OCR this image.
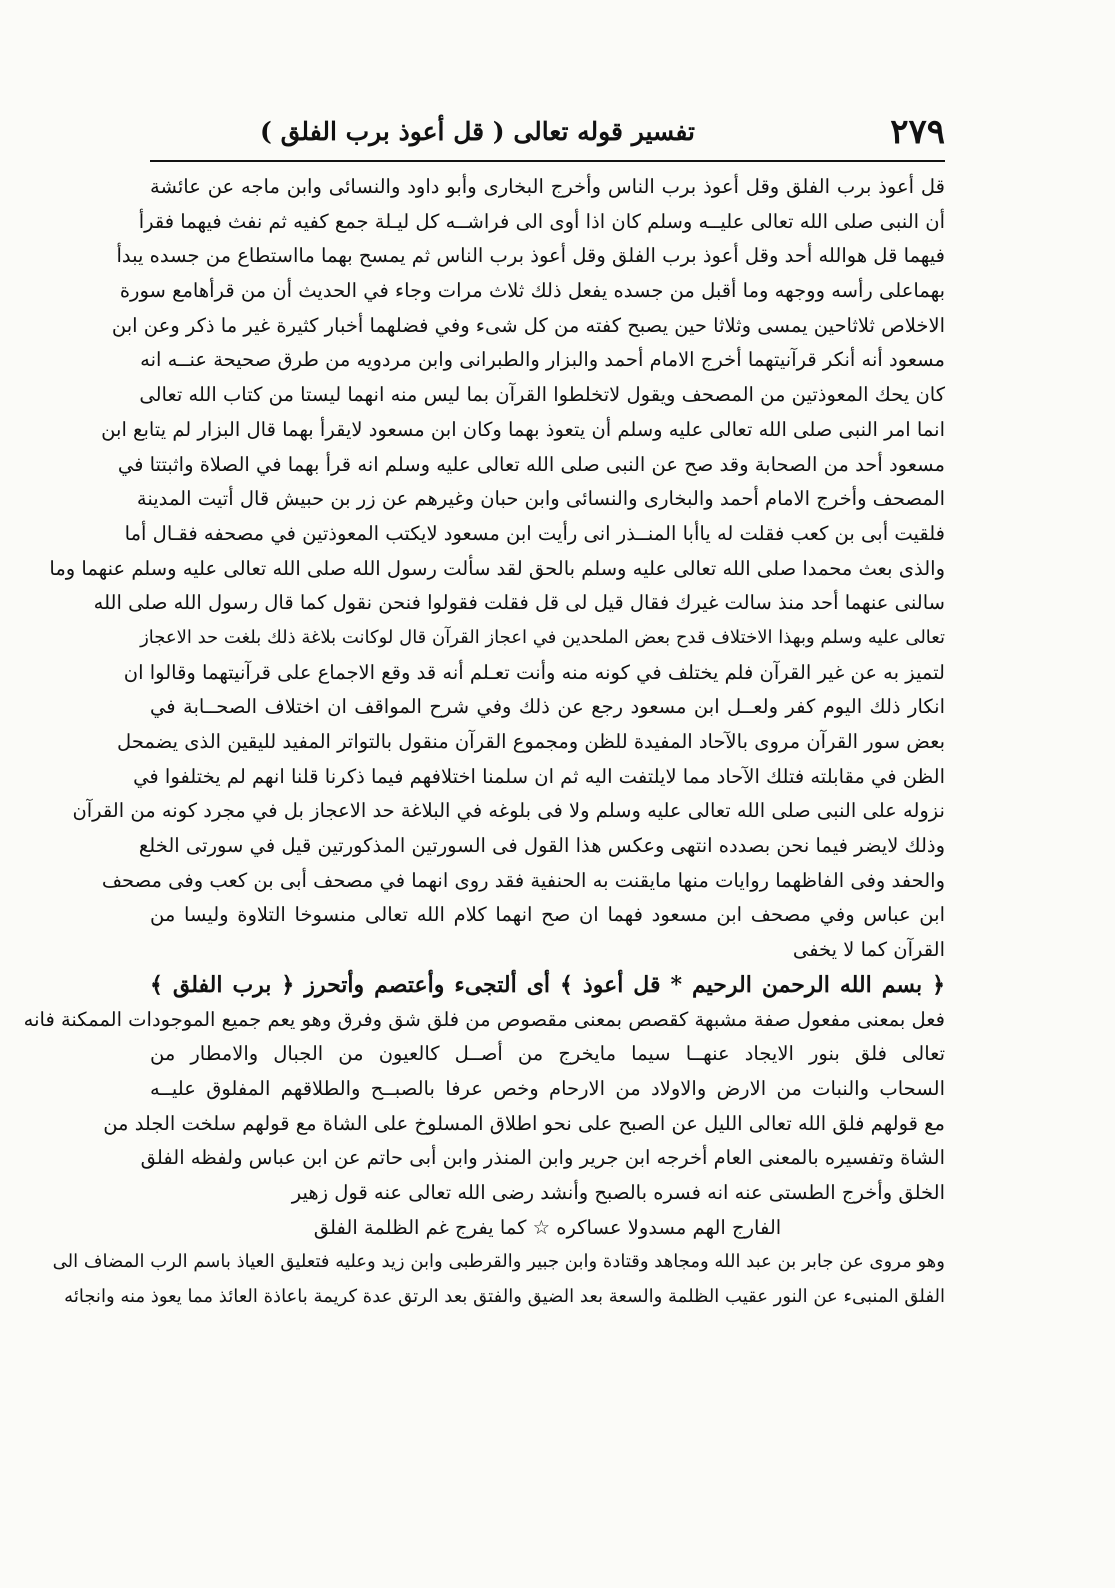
٢٧٩
تفسير قوله تعالى ( قل أعوذ برب الفلق )
قل أعوذ برب الفلق وقل أعوذ برب الناس وأخرج البخارى وأبو داود والنسائى وابن ماجه عن عائشة
أن النبى صلى الله تعالى عليــه وسلم كان اذا أوى الى فراشــه كل ليـلة جمع كفيه ثم نفث فيهما فقرأ
فيهما قل هوالله أحد وقل أعوذ برب الفلق وقل أعوذ برب الناس ثم يمسح بهما مااستطاع من جسده يبدأ
بهماعلى رأسه ووجهه وما أقبل من جسده يفعل ذلك ثلاث مرات وجاء في الحديث أن من قرأهامع سورة
الاخلاص ثلاثاحين يمسى وثلاثا حين يصبح كفته من كل شىء وفي فضلهما أخبار كثيرة غير ما ذكر وعن ابن
مسعود أنه أنكر قرآنيتهما أخرج الامام أحمد والبزار والطبرانى وابن مردويه من طرق صحيحة عنــه انه
كان يحك المعوذتين من المصحف ويقول لاتخلطوا القرآن بما ليس منه انهما ليستا من كتاب الله تعالى
انما امر النبى صلى الله تعالى عليه وسلم أن يتعوذ بهما وكان ابن مسعود لايقرأ بهما قال البزار لم يتابع ابن
مسعود أحد من الصحابة وقد صح عن النبى صلى الله تعالى عليه وسلم انه قرأ بهما في الصلاة واثبتتا في
المصحف وأخرج الامام أحمد والبخارى والنسائى وابن حبان وغيرهم عن زر بن حبيش قال أتيت المدينة
فلقيت أبى بن كعب فقلت له ياأبا المنــذر انى رأيت ابن مسعود لايكتب المعوذتين في مصحفه فقـال أما
والذى بعث محمدا صلى الله تعالى عليه وسلم بالحق لقد سألت رسول الله صلى الله تعالى عليه وسلم عنهما وما
سالنى عنهما أحد منذ سالت غيرك فقال قيل لى قل فقلت فقولوا فنحن نقول كما قال رسول الله صلى الله
تعالى عليه وسلم وبهذا الاختلاف قدح بعض الملحدين في اعجاز القرآن قال لوكانت بلاغة ذلك بلغت حد الاعجاز
لتميز به عن غير القرآن فلم يختلف في كونه منه وأنت تعـلم أنه قد وقع الاجماع على قرآنيتهما وقالوا ان
انكار ذلك اليوم كفر ولعــل ابن مسعود رجع عن ذلك وفي شرح المواقف ان اختلاف الصحــابة في
بعض سور القرآن مروى بالآحاد المفيدة للظن ومجموع القرآن منقول بالتواتر المفيد لليقين الذى يضمحل
الظن في مقابلته فتلك الآحاد مما لايلتفت اليه ثم ان سلمنا اختلافهم فيما ذكرنا قلنا انهم لم يختلفوا في
نزوله على النبى صلى الله تعالى عليه وسلم ولا فى بلوغه في البلاغة حد الاعجاز بل في مجرد كونه من القرآن
وذلك لايضر فيما نحن بصدده انتهى وعكس هذا القول فى السورتين المذكورتين قيل في سورتى الخلع
والحفد وفى الفاظهما روايات منها مايقنت به الحنفية فقد روى انهما في مصحف أبى بن كعب وفى مصحف
ابن عباس وفي مصحف ابن مسعود فهما ان صح انهما كلام الله تعالى منسوخا التلاوة وليسا من
القرآن كما لا يخفى
﴿ بسم الله الرحمن الرحيم * قل أعوذ ﴾ أى ألتجىء وأعتصم وأتحرز ﴿ برب الفلق ﴾
فعل بمعنى مفعول صفة مشبهة كقصص بمعنى مقصوص من فلق شق وفرق وهو يعم جميع الموجودات الممكنة فانه
تعالى فلق بنور الايجاد عنهــا سيما مايخرج من أصــل كالعيون من الجبال والامطار من
السحاب والنبات من الارض والاولاد من الارحام وخص عرفا بالصبــح والطلاقهم المفلوق عليــه
مع قولهم فلق الله تعالى الليل عن الصبح على نحو اطلاق المسلوخ على الشاة مع قولهم سلخت الجلد من
الشاة وتفسيره بالمعنى العام أخرجه ابن جرير وابن المنذر وابن أبى حاتم عن ابن عباس ولفظه الفلق
الخلق وأخرج الطستى عنه انه فسره بالصبح وأنشد رضى الله تعالى عنه قول زهير
الفارج الهم مسدولا عساكره ☆ كما يفرج غم الظلمة الفلق
وهو مروى عن جابر بن عبد الله ومجاهد وقتادة وابن جبير والقرطبى وابن زيد وعليه فتعليق العياذ باسم الرب المضاف الى
الفلق المنبىء عن النور عقيب الظلمة والسعة بعد الضيق والفتق بعد الرتق عدة كريمة باعاذة العائذ مما يعوذ منه وانجائه
